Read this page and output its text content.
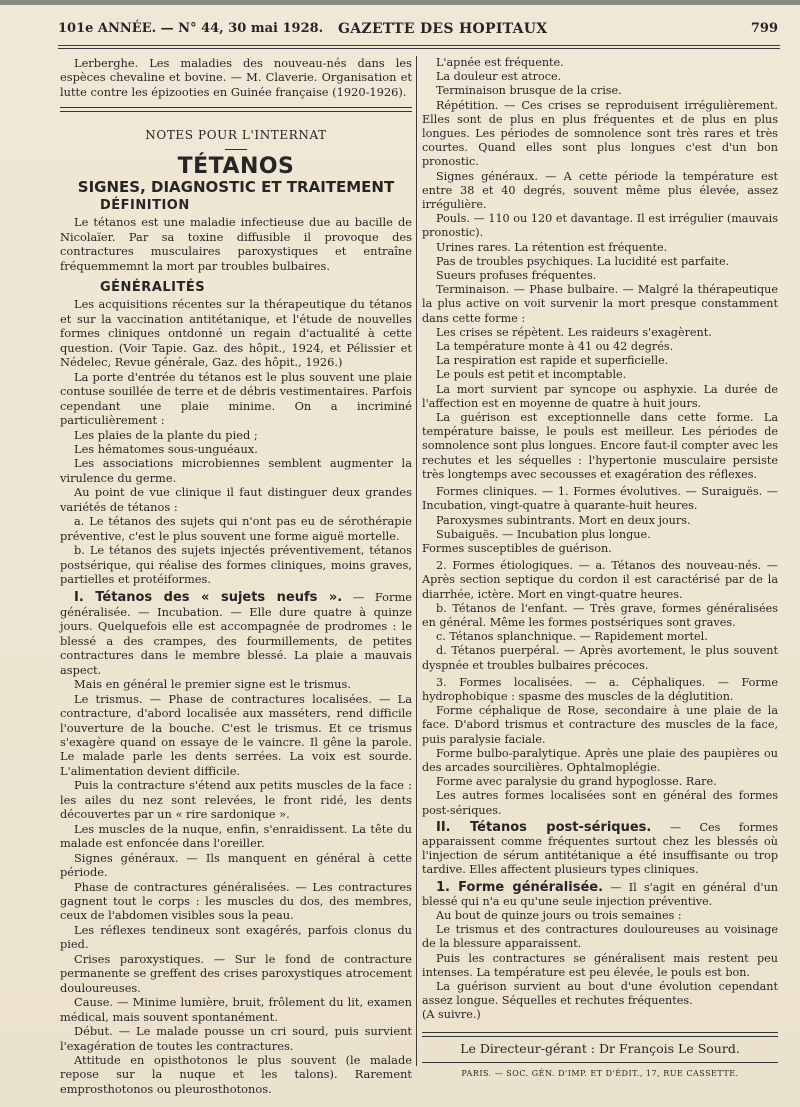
101e ANNÉE. — N° 44, 30 mai 1928. GAZETTE DES HOPITAUX	799

Lerberghe. Les maladies des nouveau-nés dans les espèces chevaline et bovine. — M. Claverie. Organisation et lutte contre les épizooties en Guinée française (1920-1926).

NOTES POUR L'INTERNAT
TÉTANOS
SIGNES, DIAGNOSTIC ET TRAITEMENT
DÉFINITION

Le tétanos est une maladie infectieuse due au bacille de Nicolaïer. Par sa toxine diffusible il provoque des contractures musculaires paroxystiques et entraîne fréquemmemnt la mort par troubles bulbaires.

GÉNÉRALITÉS

Les acquisitions récentes sur la thérapeutique du tétanos et sur la vaccination antitétanique, et l'étude de nouvelles formes cliniques ontdonné un regain d'actualité à cette question. (Voir Tapie. Gaz. des hôpit., 1924, et Pélissier et Nédelec, Revue générale, Gaz. des hôpit., 1926.)

La porte d'entrée du tétanos est le plus souvent une plaie contuse souillée de terre et de débris vestimentaires. Parfois cependant une plaie minime. On a incriminé particulièrement :

Les plaies de la plante du pied ;

Les hématomes sous-unguéaux.

Les associations microbiennes semblent augmenter la virulence du germe.

Au point de vue clinique il faut distinguer deux grandes variétés de tétanos :

a. Le tétanos des sujets qui n'ont pas eu de sérothérapie préventive, c'est le plus souvent une forme aiguë mortelle.

b. Le tétanos des sujets injectés préventivement, tétanos postsérique, qui réalise des formes cliniques, moins graves, partielles et protéiformes.

I. Tétanos des « sujets neufs ». — Forme généralisée. — Incubation. — Elle dure quatre à quinze jours. Quelquefois elle est accompagnée de prodromes : le blessé a des crampes, des fourmillements, de petites contractures dans le membre blessé. La plaie a mauvais aspect.

Mais en général le premier signe est le trismus.

Le trismus. — Phase de contractures localisées. — La contracture, d'abord localisée aux masséters, rend difficile l'ouverture de la bouche. C'est le trismus. Et ce trismus s'exagère quand on essaye de le vaincre. Il gêne la parole. Le malade parle les dents serrées. La voix est sourde. L'alimentation devient difficile.

Puis la contracture s'étend aux petits muscles de la face : les ailes du nez sont relevées, le front ridé, les dents découvertes par un « rire sardonique ».

Les muscles de la nuque, enfin, s'enraidissent. La tête du malade est enfoncée dans l'oreiller.

Signes généraux. — Ils manquent en général à cette période.

Phase de contractures généralisées. — Les contractures gagnent tout le corps : les muscles du dos, des membres, ceux de l'abdomen visibles sous la peau.

Les réflexes tendineux sont exagérés, parfois clonus du pied.

Crises paroxystiques. — Sur le fond de contracture permanente se greffent des crises paroxystiques atrocement douloureuses.

Cause. — Minime lumière, bruit, frôlement du lit, examen médical, mais souvent spontanément.

Début. — Le malade pousse un cri sourd, puis survient l'exagération de toutes les contractures.

Attitude en opisthotonos le plus souvent (le malade repose sur la nuque et les talons). Rarement emprosthotonos ou pleurosthotonos.

L'apnée est fréquente.

La douleur est atroce.

Terminaison brusque de la crise.

Répétition. — Ces crises se reproduisent irrégulièrement. Elles sont de plus en plus fréquentes et de plus en plus longues. Les périodes de somnolence sont très rares et très courtes. Quand elles sont plus longues c'est d'un bon pronostic.

Signes généraux. — A cette période la température est entre 38 et 40 degrés, souvent même plus élevée, assez irrégulière.

Pouls. — 110 ou 120 et davantage. Il est irrégulier (mauvais pronostic).

Urines rares. La rétention est fréquente.

Pas de troubles psychiques. La lucidité est parfaite.

Sueurs profuses fréquentes.

Terminaison. — Phase bulbaire. — Malgré la thérapeutique la plus active on voit survenir la mort presque constamment dans cette forme :

Les crises se répètent. Les raideurs s'exagèrent.

La température monte à 41 ou 42 degrés.

La respiration est rapide et superficielle.

Le pouls est petit et incomptable.

La mort survient par syncope ou asphyxie. La durée de l'affection est en moyenne de quatre à huit jours.

La guérison est exceptionnelle dans cette forme. La température baisse, le pouls est meilleur. Les périodes de somnolence sont plus longues. Encore faut-il compter avec les rechutes et les séquelles : l'hypertonie musculaire persiste très longtemps avec secousses et exagération des réflexes.

Formes cliniques. — 1. Formes évolutives. — Suraiguës. — Incubation, vingt-quatre à quarante-huit heures.

Paroxysmes subintrants. Mort en deux jours.

Subaiguës. — Incubation plus longue.

Formes susceptibles de guérison.

2. Formes étiologiques. — a. Tétanos des nouveau-nés. — Après section septique du cordon il est caractérisé par de la diarrhée, ictère. Mort en vingt-quatre heures.

b. Tétanos de l'enfant. — Très grave, formes généralisées en général. Même les formes postsériques sont graves.

c. Tétanos splanchnique. — Rapidement mortel.

d. Tétanos puerpéral. — Après avortement, le plus souvent dyspnée et troubles bulbaires précoces.

3. Formes localisées. — a. Céphaliques. — Forme hydrophobique : spasme des muscles de la déglutition.

Forme céphalique de Rose, secondaire à une plaie de la face. D'abord trismus et contracture des muscles de la face, puis paralysie faciale.

Forme bulbo-paralytique. Après une plaie des paupières ou des arcades sourcilières. Ophtalmoplégie.

Forme avec paralysie du grand hypoglosse. Rare.

Les autres formes localisées sont en général des formes post-sériques.

II. Tétanos post-sériques. — Ces formes apparaissent comme fréquentes surtout chez les blessés où l'injection de sérum antitétanique a été insuffisante ou trop tardive. Elles affectent plusieurs types cliniques.

1. Forme généralisée. — Il s'agit en général d'un blessé qui n'a eu qu'une seule injection préventive.

Au bout de quinze jours ou trois semaines :

Le trismus et des contractures douloureuses au voisinage de la blessure apparaissent.

Puis les contractures se généralisent mais restent peu intenses. La température est peu élevée, le pouls est bon.

La guérison survient au bout d'une évolution cependant assez longue. Séquelles et rechutes fréquentes.

(A suivre.)

Le Directeur-gérant : Dr François Le Sourd.
PARIS. — SOC. GÉN. D'IMP. ET D'ÉDIT., 17, RUE CASSETTE.
